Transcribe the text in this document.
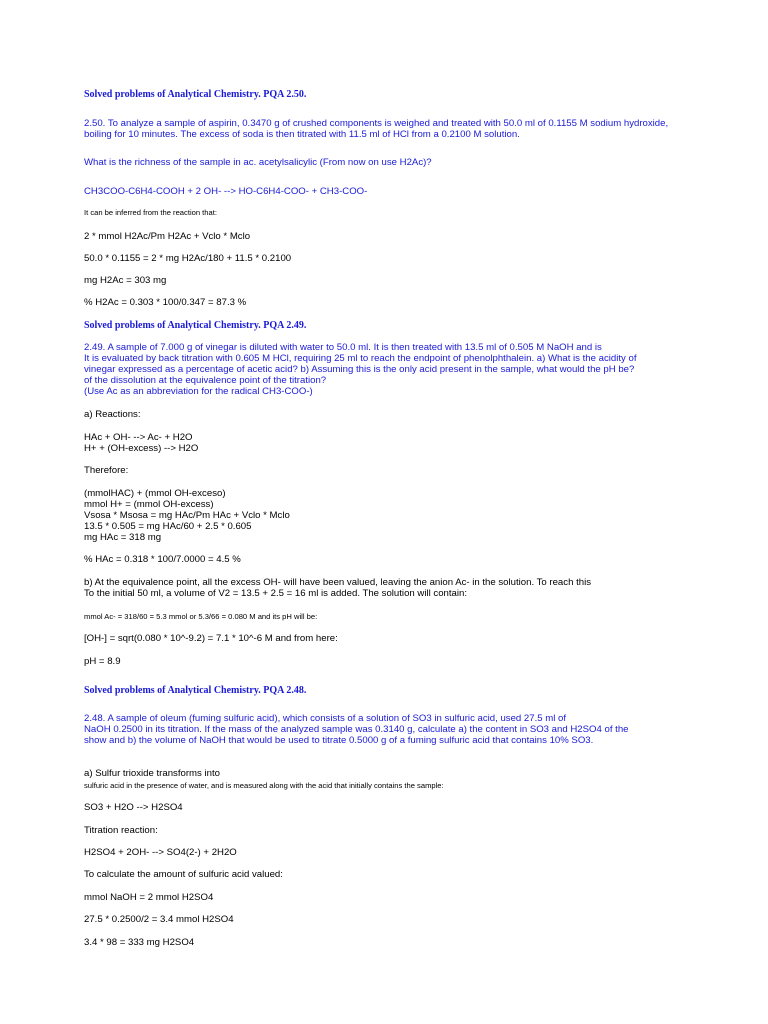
Solved problems of Analytical Chemistry. PQA 2.50.
2.50. To analyze a sample of aspirin, 0.3470 g of crushed components is weighed and treated with 50.0 ml of 0.1155 M sodium hydroxide,
boiling for 10 minutes. The excess of soda is then titrated with 11.5 ml of HCl from a 0.2100 M solution.
What is the richness of the sample in ac. acetylsalicylic (From now on use H2Ac)?
CH3COO-C6H4-COOH + 2 OH- --> HO-C6H4-COO- + CH3-COO-
It can be inferred from the reaction that:
2 * mmol H2Ac/Pm H2Ac + Vclo * Mclo
50.0 * 0.1155 = 2 * mg H2Ac/180 + 11.5 * 0.2100
mg H2Ac = 303 mg
% H2Ac = 0.303 * 100/0.347 = 87.3 %
Solved problems of Analytical Chemistry. PQA 2.49.
2.49. A sample of 7.000 g of vinegar is diluted with water to 50.0 ml. It is then treated with 13.5 ml of 0.505 M NaOH and is
It is evaluated by back titration with 0.605 M HCl, requiring 25 ml to reach the endpoint of phenolphthalein. a) What is the acidity of
vinegar expressed as a percentage of acetic acid? b) Assuming this is the only acid present in the sample, what would the pH be?
of the dissolution at the equivalence point of the titration?
(Use Ac as an abbreviation for the radical CH3-COO-)
a) Reactions:
HAc + OH- --> Ac- + H2O
H+ + (OH-excess) --> H2O
Therefore:
(mmolHAC) + (mmol OH-exceso)
mmol H+ = (mmol OH-excess)
Vsosa * Msosa = mg HAc/Pm HAc + Vclo * Mclo
13.5 * 0.505 = mg HAc/60 + 2.5 * 0.605
mg HAc = 318 mg
% HAc = 0.318 * 100/7.0000 = 4.5 %
b) At the equivalence point, all the excess OH- will have been valued, leaving the anion Ac- in the solution. To reach this
To the initial 50 ml, a volume of V2 = 13.5 + 2.5 = 16 ml is added. The solution will contain:
mmol Ac- = 318/60 = 5.3 mmol or 5.3/66 = 0.080 M and its pH will be:
[OH-] = sqrt(0.080 * 10^-9.2) = 7.1 * 10^-6 M and from here:
pH = 8.9
Solved problems of Analytical Chemistry. PQA 2.48.
2.48. A sample of oleum (fuming sulfuric acid), which consists of a solution of SO3 in sulfuric acid, used 27.5 ml of
NaOH 0.2500 in its titration. If the mass of the analyzed sample was 0.3140 g, calculate a) the content in SO3 and H2SO4 of the
show and b) the volume of NaOH that would be used to titrate 0.5000 g of a fuming sulfuric acid that contains 10% SO3.
a) Sulfur trioxide transforms into
sulfuric acid in the presence of water, and is measured along with the acid that initially contains the sample:
SO3 + H2O --> H2SO4
Titration reaction:
H2SO4 + 2OH- --> SO4(2-) + 2H2O
To calculate the amount of sulfuric acid valued:
mmol NaOH = 2 mmol H2SO4
27.5 * 0.2500/2 = 3.4 mmol H2SO4
3.4 * 98 = 333 mg H2SO4
